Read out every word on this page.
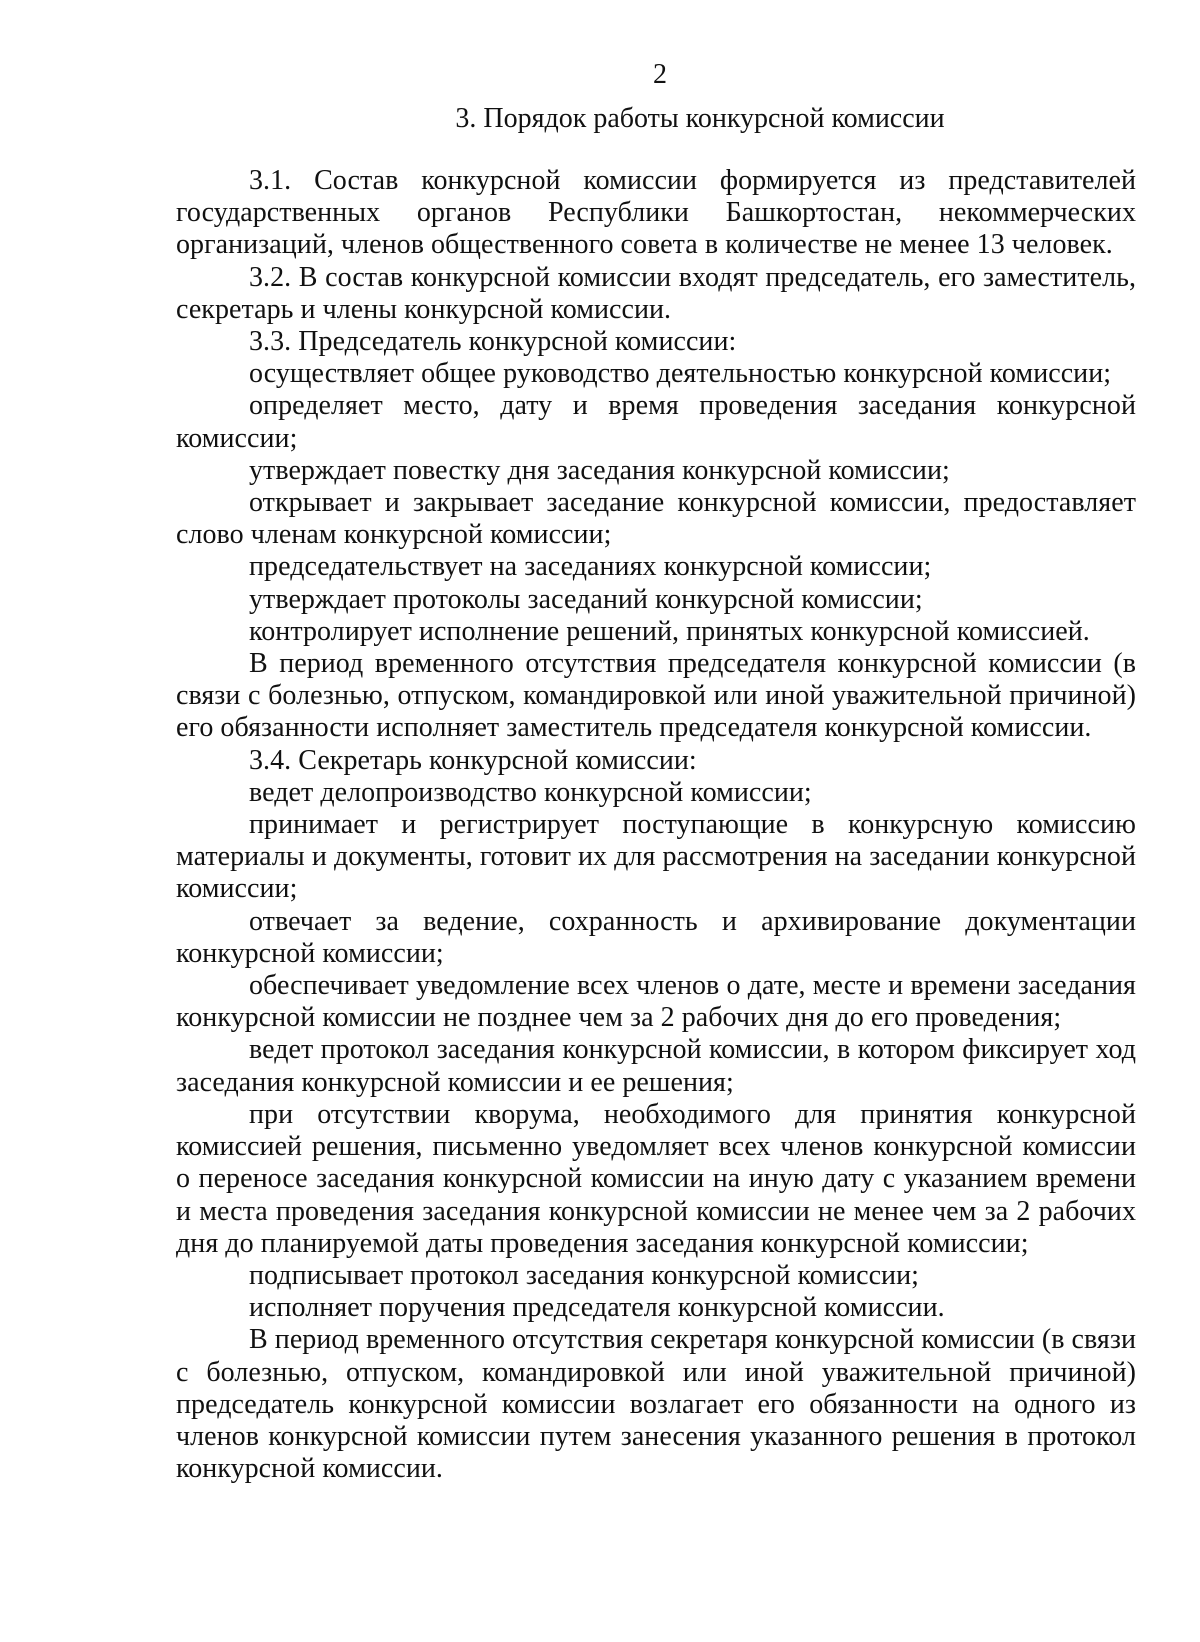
2
3. Порядок работы конкурсной комиссии

3.1. Состав конкурсной комиссии формируется из представителей государственных органов Республики Башкортостан, некоммерческих организаций, членов общественного совета в количестве не менее 13 человек.

3.2. В состав конкурсной комиссии входят председатель, его заместитель, секретарь и члены конкурсной комиссии.

3.3. Председатель конкурсной комиссии:

осуществляет общее руководство деятельностью конкурсной комиссии;

определяет место, дату и время проведения заседания конкурсной комиссии;

утверждает повестку дня заседания конкурсной комиссии;

открывает и закрывает заседание конкурсной комиссии, предоставляет слово членам конкурсной комиссии;

председательствует на заседаниях конкурсной комиссии;

утверждает протоколы заседаний конкурсной комиссии;

контролирует исполнение решений, принятых конкурсной комиссией.

В период временного отсутствия председателя конкурсной комиссии (в связи с болезнью, отпуском, командировкой или иной уважительной причиной) его обязанности исполняет заместитель председателя конкурсной комиссии.

3.4. Секретарь конкурсной комиссии:

ведет делопроизводство конкурсной комиссии;

принимает и регистрирует поступающие в конкурсную комиссию материалы и документы, готовит их для рассмотрения на заседании конкурсной комиссии;

отвечает за ведение, сохранность и архивирование документации конкурсной комиссии;

обеспечивает уведомление всех членов о дате, месте и времени заседания конкурсной комиссии не позднее чем за 2 рабочих дня до его проведения;

ведет протокол заседания конкурсной комиссии, в котором фиксирует ход заседания конкурсной комиссии и ее решения;

при отсутствии кворума, необходимого для принятия конкурсной комиссией решения, письменно уведомляет всех членов конкурсной комиссии о переносе заседания конкурсной комиссии на иную дату с указанием времени и места проведения заседания конкурсной комиссии не менее чем за 2 рабочих дня до планируемой даты проведения заседания конкурсной комиссии;

подписывает протокол заседания конкурсной комиссии;

исполняет поручения председателя конкурсной комиссии.

В период временного отсутствия секретаря конкурсной комиссии (в связи с болезнью, отпуском, командировкой или иной уважительной причиной) председатель конкурсной комиссии возлагает его обязанности на одного из членов конкурсной комиссии путем занесения указанного решения в протокол конкурсной комиссии.
